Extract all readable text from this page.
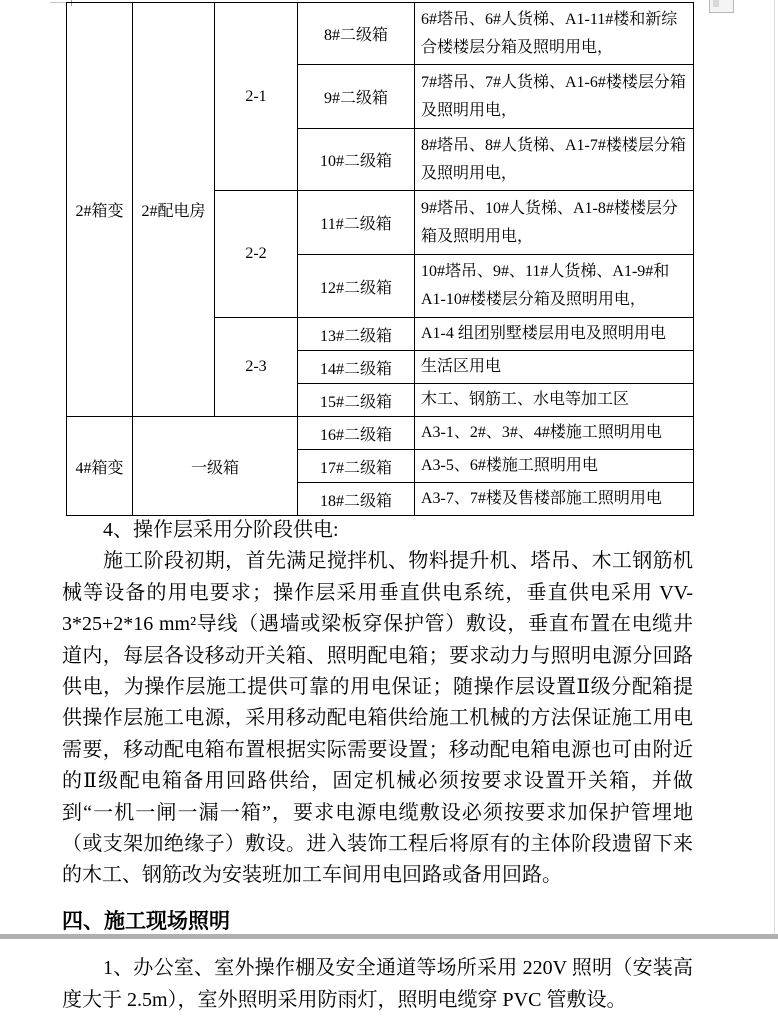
2#箱变	2#配电房	2-1	8#二级箱	6#塔吊、6#人货梯、A1-11#楼和新综合楼楼层分箱及照明用电，
			9#二级箱	7#塔吊、7#人货梯、A1-6#楼楼层分箱及照明用电，
			10#二级箱	8#塔吊、8#人货梯、A1-7#楼楼层分箱及照明用电，
		2-2	11#二级箱	9#塔吊、10#人货梯、A1-8#楼楼层分箱及照明用电，
			12#二级箱	10#塔吊、9#、11#人货梯、A1-9#和A1-10#楼楼层分箱及照明用电，
		2-3	13#二级箱	A1-4 组团别墅楼层用电及照明用电
			14#二级箱	生活区用电
			15#二级箱	木工、钢筋工、水电等加工区
4#箱变	一级箱		16#二级箱	A3-1、2#、3#、4#楼施工照明用电
			17#二级箱	A3-5、6#楼施工照明用电
			18#二级箱	A3-7、7#楼及售楼部施工照明用电

4、操作层采用分阶段供电:

施工阶段初期，首先满足搅拌机、物料提升机、塔吊、木工钢筋机械等设备的用电要求；操作层采用垂直供电系统，垂直供电采用 VV-3*25+2*16 mm²导线（遇墙或梁板穿保护管）敷设，垂直布置在电缆井道内，每层各设移动开关箱、照明配电箱；要求动力与照明电源分回路供电，为操作层施工提供可靠的用电保证；随操作层设置Ⅱ级分配箱提供操作层施工电源，采用移动配电箱供给施工机械的方法保证施工用电需要，移动配电箱布置根据实际需要设置；移动配电箱电源也可由附近的Ⅱ级配电箱备用回路供给，固定机械必须按要求设置开关箱，并做到“一机一闸一漏一箱”，要求电源电缆敷设必须按要求加保护管埋地（或支架加绝缘子）敷设。进入装饰工程后将原有的主体阶段遗留下来的木工、钢筋改为安装班加工车间用电回路或备用回路。

四、施工现场照明

1、办公室、室外操作棚及安全通道等场所采用 220V 照明（安装高度大于 2.5m），室外照明采用防雨灯，照明电缆穿 PVC 管敷设。
